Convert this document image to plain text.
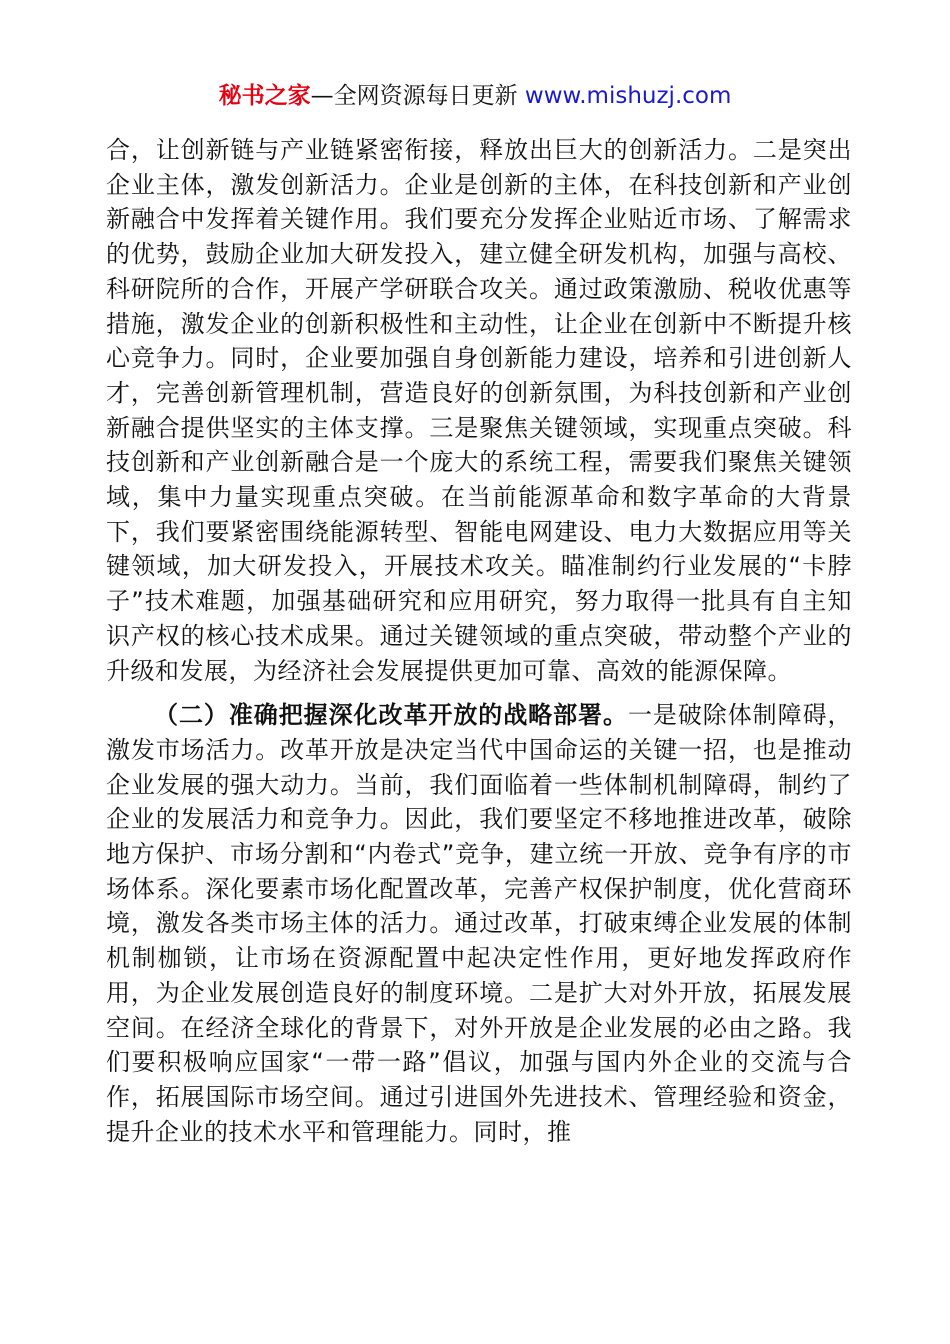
秘书之家—全网资源每日更新 www.mishuzj.com

合，让创新链与产业链紧密衔接，释放出巨大的创新活力。二是突出企业主体，激发创新活力。企业是创新的主体，在科技创新和产业创新融合中发挥着关键作用。我们要充分发挥企业贴近市场、了解需求的优势，鼓励企业加大研发投入，建立健全研发机构，加强与高校、科研院所的合作，开展产学研联合攻关。通过政策激励、税收优惠等措施，激发企业的创新积极性和主动性，让企业在创新中不断提升核心竞争力。同时，企业要加强自身创新能力建设，培养和引进创新人才，完善创新管理机制，营造良好的创新氛围，为科技创新和产业创新融合提供坚实的主体支撑。三是聚焦关键领域，实现重点突破。科技创新和产业创新融合是一个庞大的系统工程，需要我们聚焦关键领域，集中力量实现重点突破。在当前能源革命和数字革命的大背景下，我们要紧密围绕能源转型、智能电网建设、电力大数据应用等关键领域，加大研发投入，开展技术攻关。瞄准制约行业发展的“卡脖子”技术难题，加强基础研究和应用研究，努力取得一批具有自主知识产权的核心技术成果。通过关键领域的重点突破，带动整个产业的升级和发展，为经济社会发展提供更加可靠、高效的能源保障。

（二）准确把握深化改革开放的战略部署。一是破除体制障碍，激发市场活力。改革开放是决定当代中国命运的关键一招，也是推动企业发展的强大动力。当前，我们面临着一些体制机制障碍，制约了企业的发展活力和竞争力。因此，我们要坚定不移地推进改革，破除地方保护、市场分割和“内卷式”竞争，建立统一开放、竞争有序的市场体系。深化要素市场化配置改革，完善产权保护制度，优化营商环境，激发各类市场主体的活力。通过改革，打破束缚企业发展的体制机制枷锁，让市场在资源配置中起决定性作用，更好地发挥政府作用，为企业发展创造良好的制度环境。二是扩大对外开放，拓展发展空间。在经济全球化的背景下，对外开放是企业发展的必由之路。我们要积极响应国家“一带一路”倡议，加强与国内外企业的交流与合作，拓展国际市场空间。通过引进国外先进技术、管理经验和资金，提升企业的技术水平和管理能力。同时，推
